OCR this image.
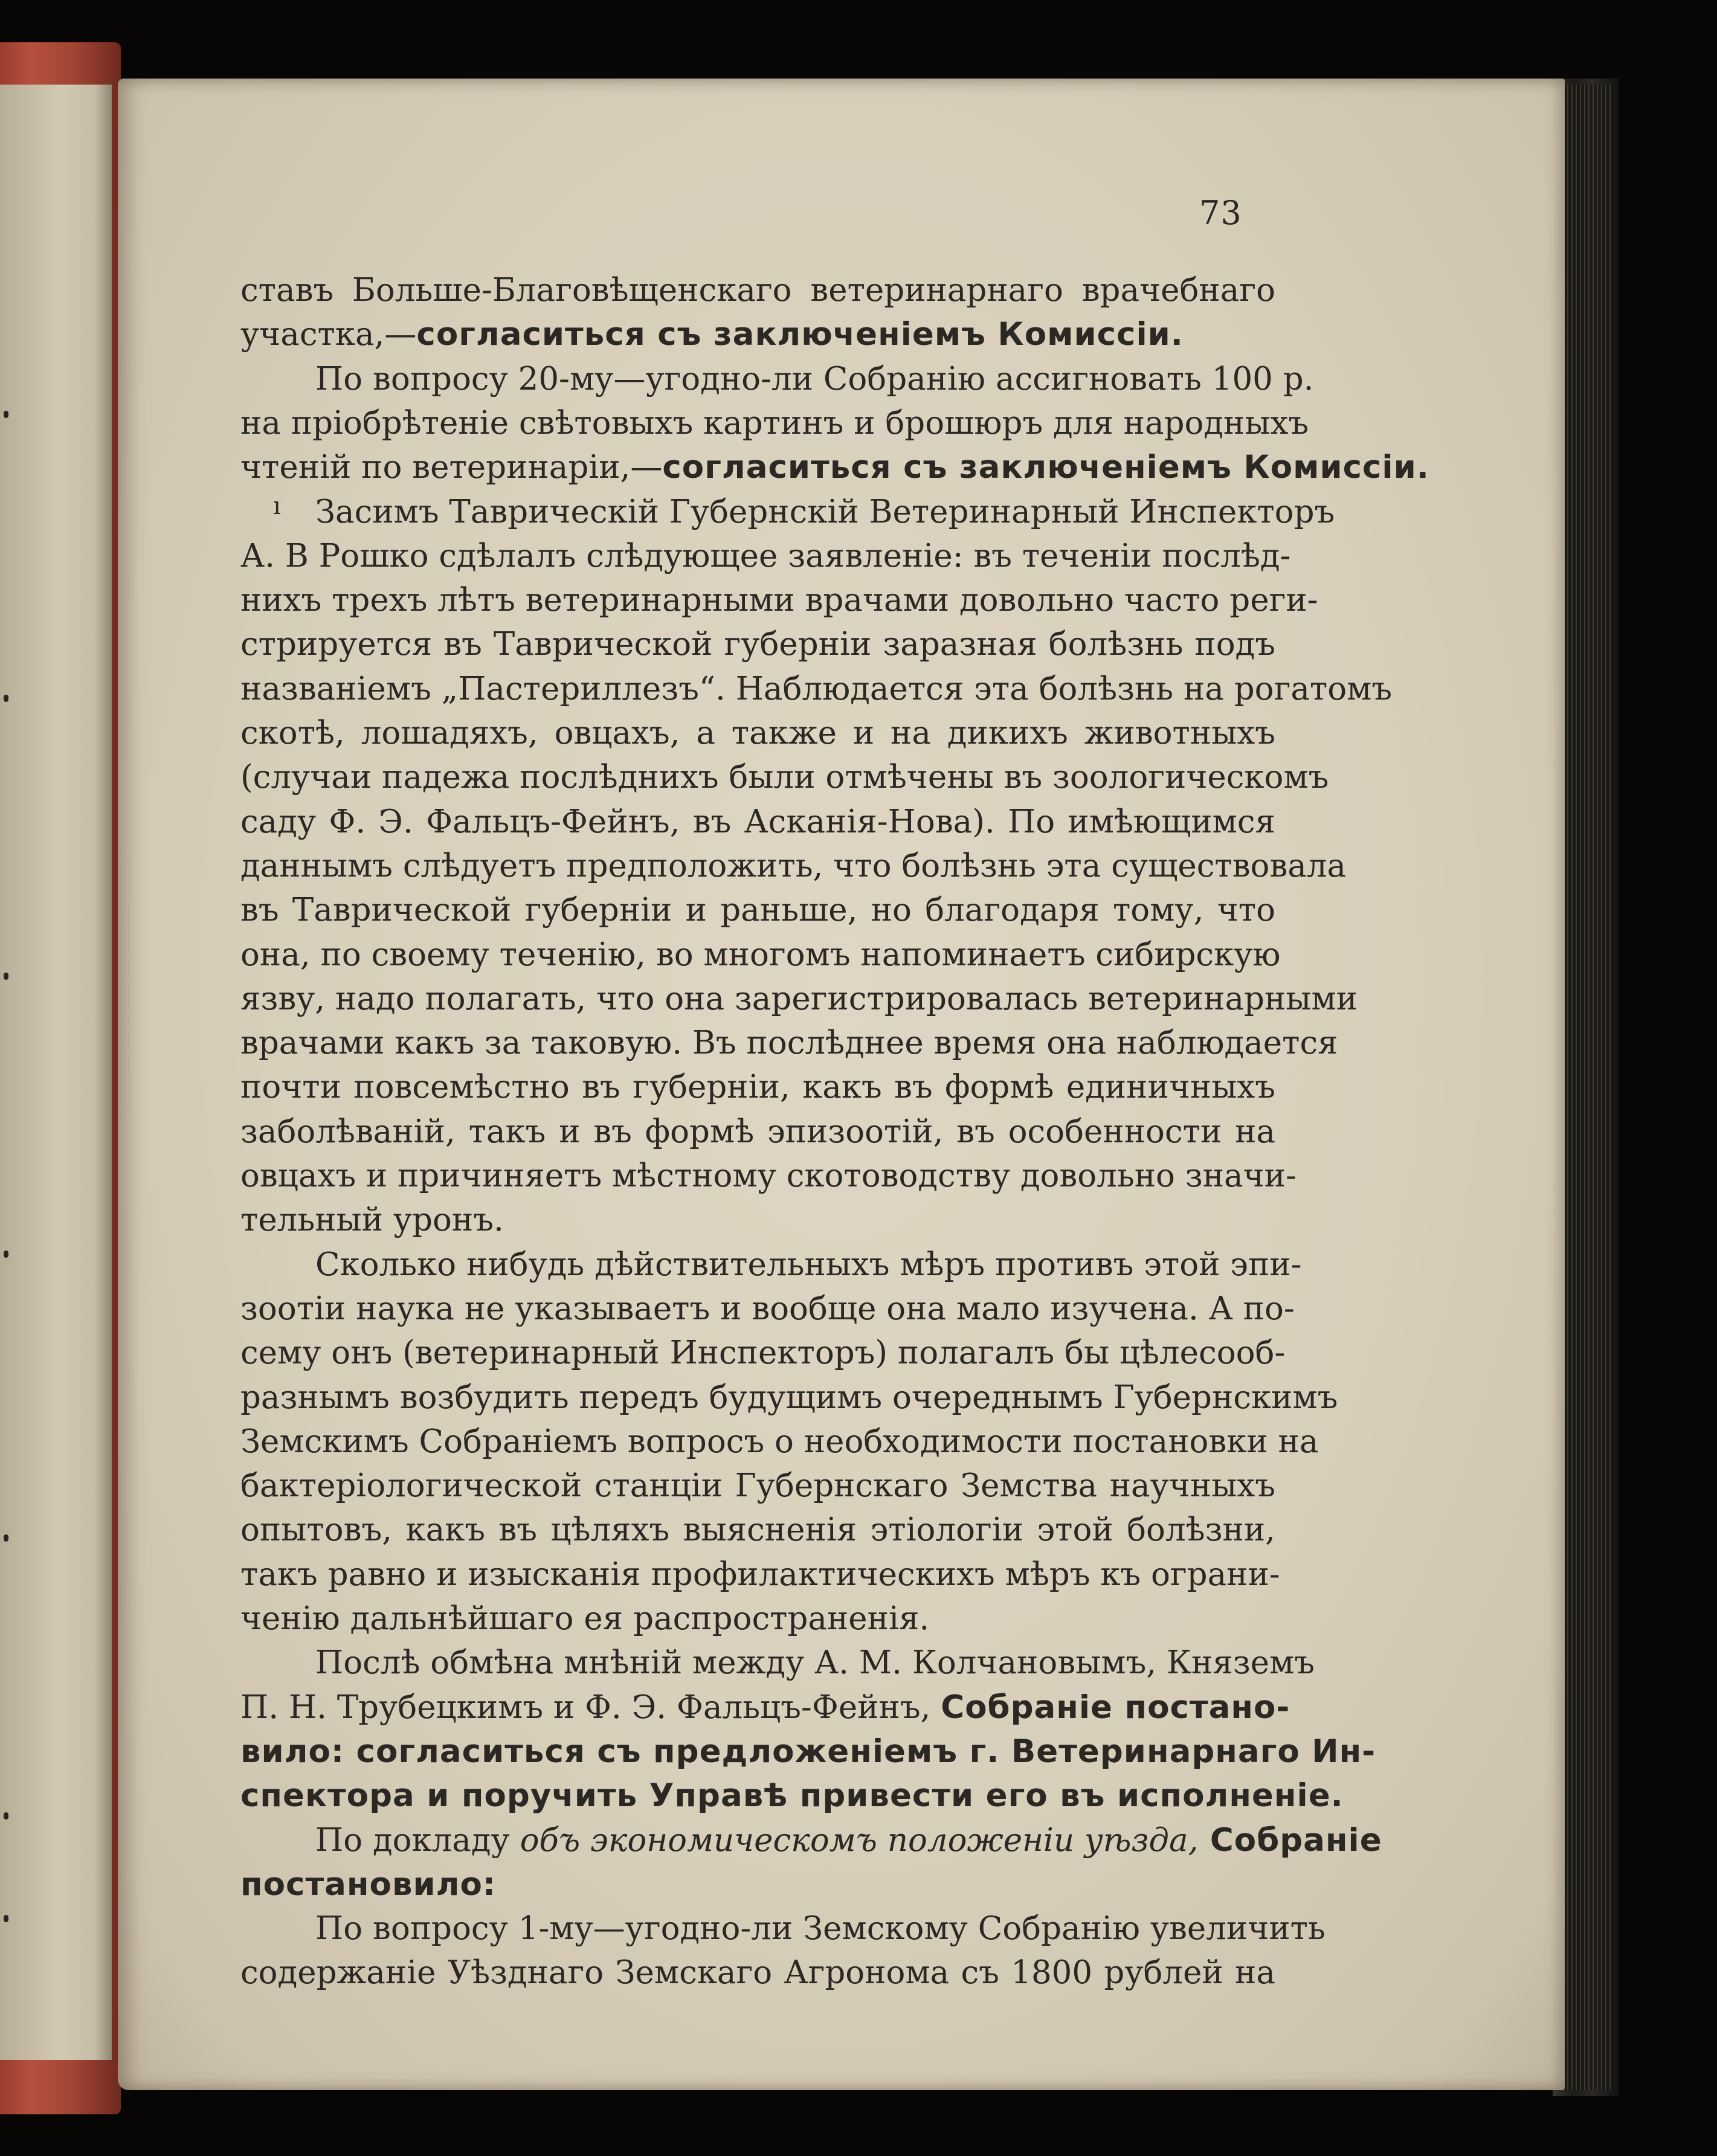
73
ı
ставъ Больше-Благовѣщенскаго ветеринарнаго врачебнаго
участка,—согласиться съ заключеніемъ Комиссіи.
По вопросу 20-му—угодно-ли Собранію ассигновать 100 р.
на пріобрѣтеніе свѣтовыхъ картинъ и брошюръ для народныхъ
чтеній по ветеринаріи,—согласиться съ заключеніемъ Комиссіи.
Засимъ Таврическій Губернскій Ветеринарный Инспекторъ
А. В Рошко сдѣлалъ слѣдующее заявленіе: въ теченіи послѣд-
нихъ трехъ лѣтъ ветеринарными врачами довольно часто реги-
стрируется въ Таврической губерніи заразная болѣзнь подъ
названіемъ „Пастериллезъ“. Наблюдается эта болѣзнь на рогатомъ
скотѣ, лошадяхъ, овцахъ, а также и на дикихъ животныхъ
(случаи падежа послѣднихъ были отмѣчены въ зоологическомъ
саду Ф. Э. Фальцъ-Фейнъ, въ Асканія-Нова). По имѣющимся
даннымъ слѣдуетъ предположить, что болѣзнь эта существовала
въ Таврической губерніи и раньше, но благодаря тому, что
она, по своему теченію, во многомъ напоминаетъ сибирскую
язву, надо полагать, что она зарегистрировалась ветеринарными
врачами какъ за таковую. Въ послѣднее время она наблюдается
почти повсемѣстно въ губерніи, какъ въ формѣ единичныхъ
заболѣваній, такъ и въ формѣ эпизоотій, въ особенности на
овцахъ и причиняетъ мѣстному скотоводству довольно значи-
тельный уронъ.
Сколько нибудь дѣйствительныхъ мѣръ противъ этой эпи-
зоотіи наука не указываетъ и вообще она мало изучена. А по-
сему онъ (ветеринарный Инспекторъ) полагалъ бы цѣлесооб-
разнымъ возбудить передъ будущимъ очереднымъ Губернскимъ
Земскимъ Собраніемъ вопросъ о необходимости постановки на
бактеріологической станціи Губернскаго Земства научныхъ
опытовъ, какъ въ цѣляхъ выясненія этіологіи этой болѣзни,
такъ равно и изысканія профилактическихъ мѣръ къ ограни-
ченію дальнѣйшаго ея распространенія.
Послѣ обмѣна мнѣній между А. М. Колчановымъ, Княземъ
П. Н. Трубецкимъ и Ф. Э. Фальцъ-Фейнъ, Собраніе постано-
вило: согласиться съ предложеніемъ г. Ветеринарнаго Ин-
спектора и поручить Управѣ привести его въ исполненіе.
По докладу объ экономическомъ положеніи уѣзда, Собраніе
постановило:
По вопросу 1-му—угодно-ли Земскому Собранію увеличить
содержаніе Уѣзднаго Земскаго Агронома съ 1800 рублей на
